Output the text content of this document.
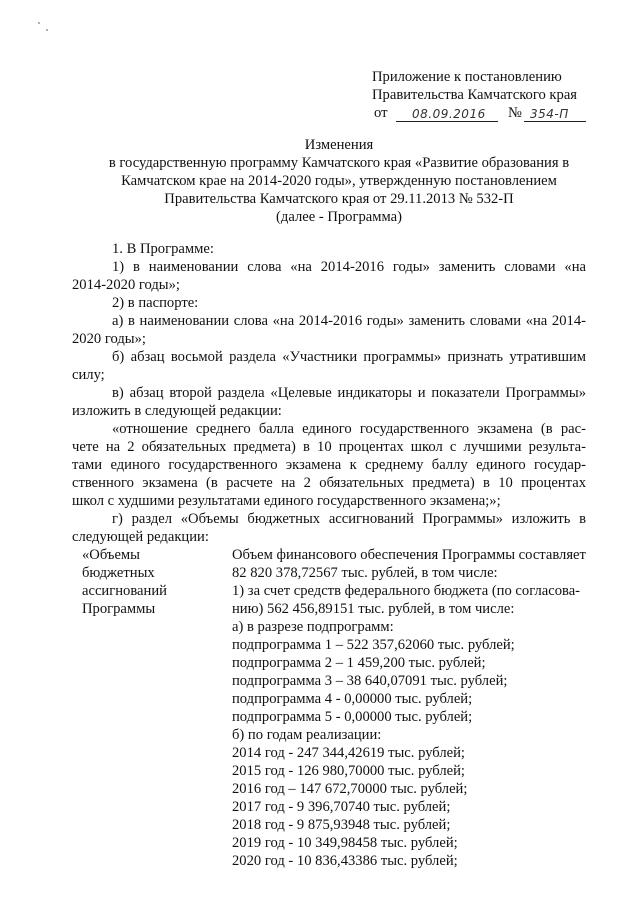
Приложение к постановлению
Правительства Камчатского края
от 08.09.2016 № 354-П
Изменения
в государственную программу Камчатского края «Развитие образования в
Камчатском крае на 2014-2020 годы», утвержденную постановлением
Правительства Камчатского края от 29.11.2013 № 532-П
(далее - Программа)
1. В Программе:
1) в наименовании слова «на 2014-2016 годы» заменить словами «на
2014-2020 годы»;
2) в паспорте:
а) в наименовании слова «на 2014-2016 годы» заменить словами «на 2014-
2020 годы»;
б) абзац восьмой раздела «Участники программы» признать утратившим
силу;
в) абзац второй раздела «Целевые индикаторы и показатели Программы»
изложить в следующей редакции:
«отношение среднего балла единого государственного экзамена (в рас-
чете на 2 обязательных предмета) в 10 процентах школ с лучшими результа-
тами единого государственного экзамена к среднему баллу единого государ-
ственного экзамена (в расчете на 2 обязательных предмета) в 10 процентах
школ с худшими результатами единого государственного экзамена;»;
г) раздел «Объемы бюджетных ассигнований Программы» изложить в
следующей редакции:
«Объемы
бюджетных
ассигнований
Программы
Объем финансового обеспечения Программы составляет
82 820 378,72567 тыс. рублей, в том числе:
1) за счет средств федерального бюджета (по согласова-
нию) 562 456,89151 тыс. рублей, в том числе:
а) в разрезе подпрограмм:
подпрограмма 1 – 522 357,62060 тыс. рублей;
подпрограмма 2 – 1 459,200 тыс. рублей;
подпрограмма 3 – 38 640,07091 тыс. рублей;
подпрограмма 4 - 0,00000 тыс. рублей;
подпрограмма 5 - 0,00000 тыс. рублей;
б) по годам реализации:
2014 год - 247 344,42619 тыс. рублей;
2015 год - 126 980,70000 тыс. рублей;
2016 год – 147 672,70000 тыс. рублей;
2017 год - 9 396,70740 тыс. рублей;
2018 год - 9 875,93948 тыс. рублей;
2019 год - 10 349,98458 тыс. рублей;
2020 год - 10 836,43386 тыс. рублей;
